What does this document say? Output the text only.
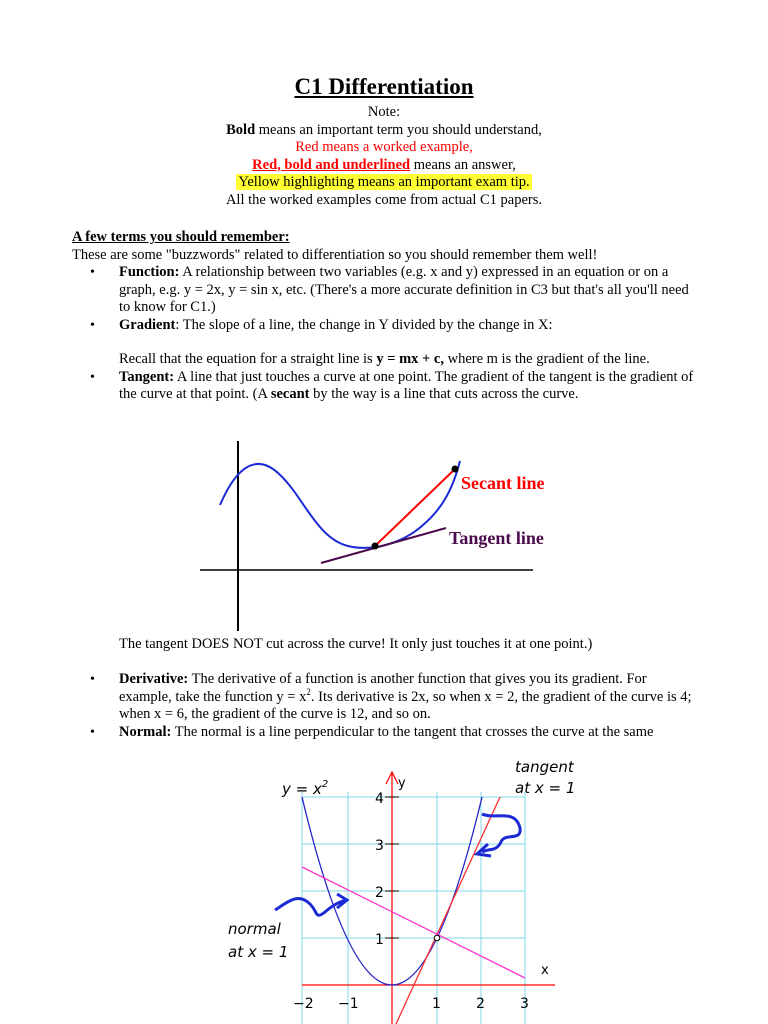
C1 Differentiation
Note:
Bold means an important term you should understand,
Red means a worked example,
Red, bold and underlined means an answer,
Yellow highlighting means an important exam tip.
All the worked examples come from actual C1 papers.
A few terms you should remember:
These are some "buzzwords" related to differentiation so you should remember them well!
• Function: A relationship between two variables (e.g. x and y) expressed in an equation or on a graph, e.g. y = 2x, y = sin x, etc. (There's a more accurate definition in C3 but that's all you'll need to know for C1.)
• Gradient: The slope of a line, the change in Y divided by the change in X:
Recall that the equation for a straight line is y = mx + c, where m is the gradient of the line.
• Tangent: A line that just touches a curve at one point. The gradient of the tangent is the gradient of the curve at that point. (A secant by the way is a line that cuts across the curve.
Secant line
Tangent line
The tangent DOES NOT cut across the curve! It only just touches it at one point.)
• Derivative: The derivative of a function is another function that gives you its gradient. For example, take the function $y = x^2$. Its derivative is 2x, so when x = 2, the gradient of the curve is 4; when x = 6, the gradient of the curve is 12, and so on.
• Normal: The normal is a line perpendicular to the tangent that crosses the curve at the same
$y = x^2$
tangent
at x = 1
normal
at x = 1
y
x
4
3
2
1
−2 −1	1	2	3
